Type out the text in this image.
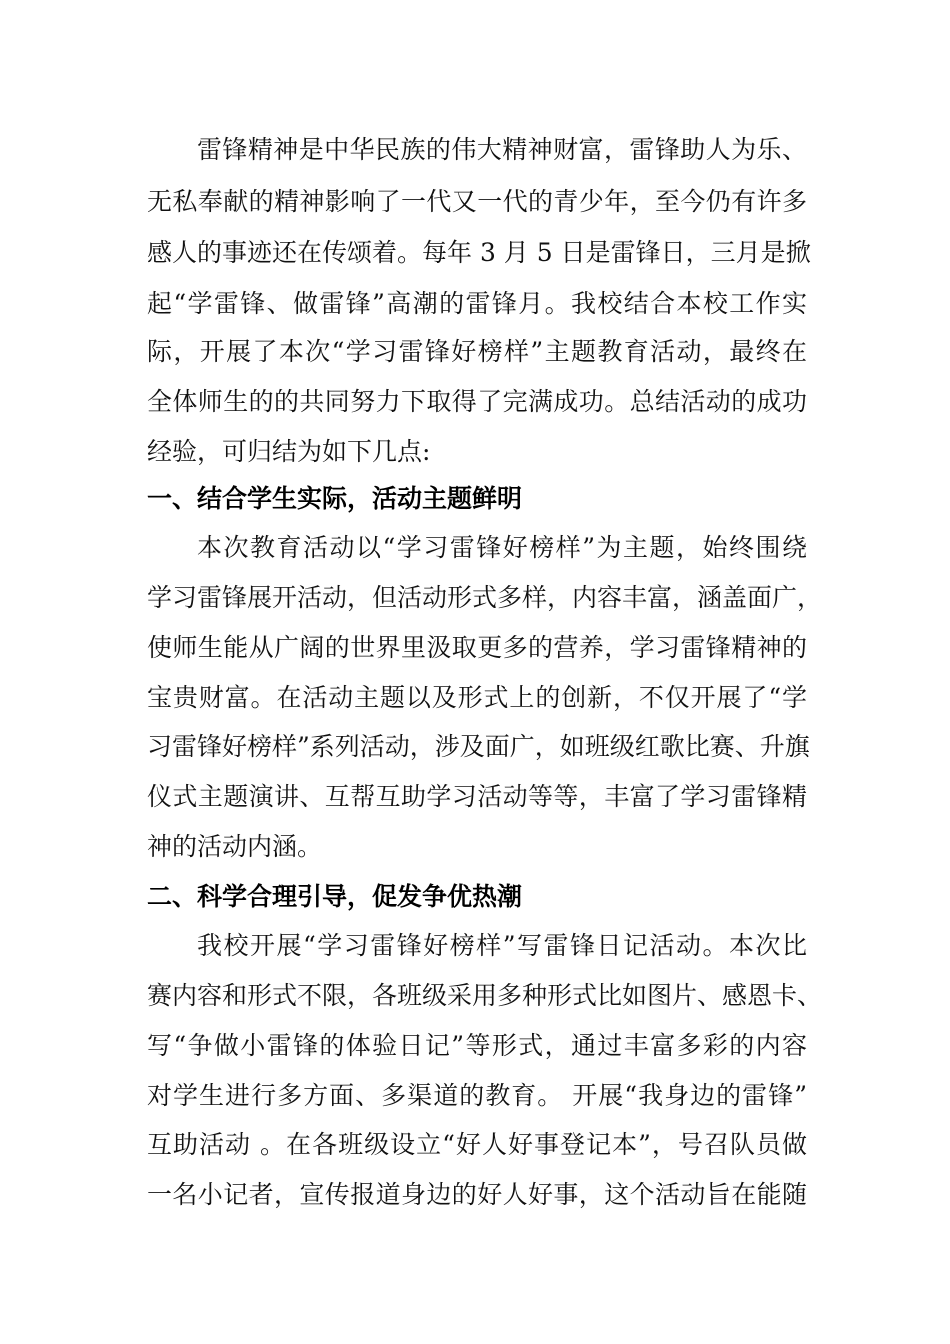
雷锋精神是中华民族的伟大精神财富，雷锋助人为乐、
无私奉献的精神影响了一代又一代的青少年，至今仍有许多
感人的事迹还在传颂着。每年 3 月 5 日是雷锋日，三月是掀
起“学雷锋、做雷锋”高潮的雷锋月。我校结合本校工作实
际，开展了本次“学习雷锋好榜样”主题教育活动，最终在
全体师生的的共同努力下取得了完满成功。总结活动的成功
经验，可归结为如下几点:
一、结合学生实际，活动主题鲜明
本次教育活动以“学习雷锋好榜样”为主题，始终围绕
学习雷锋展开活动，但活动形式多样，内容丰富，涵盖面广，
使师生能从广阔的世界里汲取更多的营养，学习雷锋精神的
宝贵财富。在活动主题以及形式上的创新，不仅开展了“学
习雷锋好榜样”系列活动，涉及面广，如班级红歌比赛、升旗
仪式主题演讲、互帮互助学习活动等等，丰富了学习雷锋精
神的活动内涵。
二、科学合理引导，促发争优热潮
我校开展“学习雷锋好榜样”写雷锋日记活动。本次比
赛内容和形式不限，各班级采用多种形式比如图片、感恩卡、
写“争做小雷锋的体验日记”等形式，通过丰富多彩的内容
对学生进行多方面、多渠道的教育。 开展“我身边的雷锋”
互助活动 。在各班级设立“好人好事登记本”，号召队员做
一名小记者，宣传报道身边的好人好事，这个活动旨在能随
